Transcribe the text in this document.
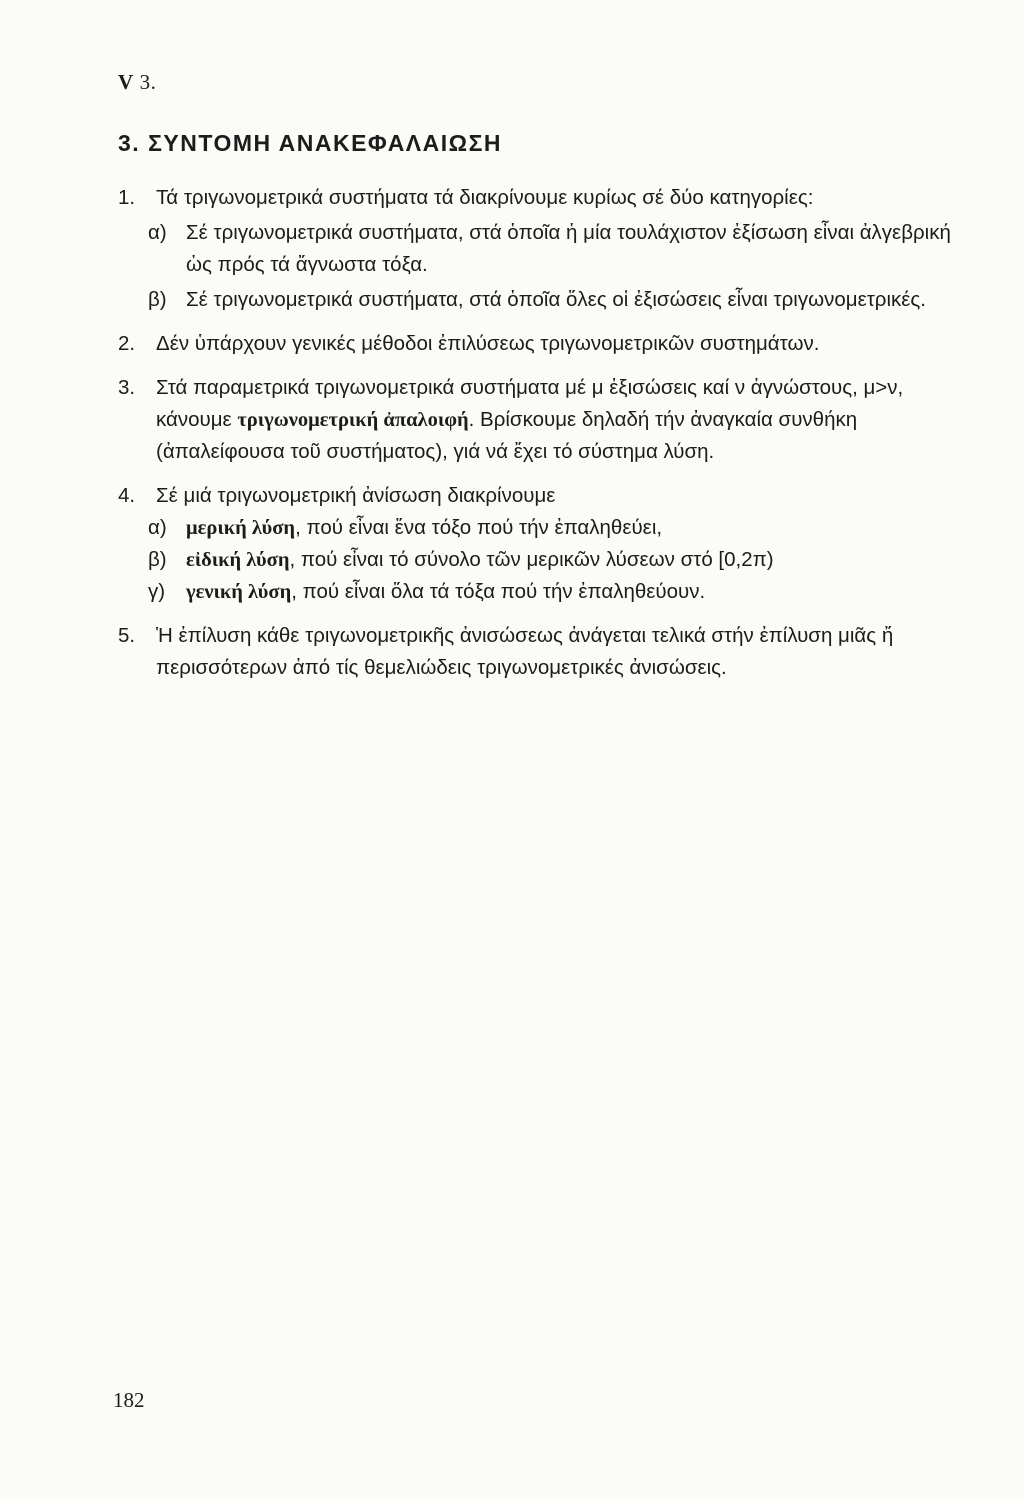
V 3.
3. ΣΥΝΤΟΜΗ ΑΝΑΚΕΦΑΛΑΙΩΣΗ
1.	Τά τριγωνομετρικά συστήματα τά διακρίνουμε κυρίως σέ δύο κατηγορίες:
α) Σέ τριγωνομετρικά συστήματα, στά ὁποῖα ἡ μία τουλάχιστον ἐξίσωση εἶναι ἀλγεβρική ὡς πρός τά ἄγνωστα τόξα.
β) Σέ τριγωνομετρικά συστήματα, στά ὁποῖα ὅλες οἱ ἐξισώσεις εἶναι τριγωνομετρικές.
2.	Δέν ὑπάρχουν γενικές μέθοδοι ἐπιλύσεως τριγωνομετρικῶν συστημάτων.
3.	Στά παραμετρικά τριγωνομετρικά συστήματα μέ μ ἐξισώσεις καί ν ἀγνώστους, μ>ν, κάνουμε τριγωνομετρική ἀπαλοιφή. Βρίσκουμε δηλαδή τήν ἀναγκαία συνθήκη (ἀπαλείφουσα τοῦ συστήματος), γιά νά ἔχει τό σύστημα λύση.
4.	Σέ μιά τριγωνομετρική ἀνίσωση διακρίνουμε
α) μερική λύση, πού εἶναι ἕνα τόξο πού τήν ἐπαληθεύει,
β) εἰδική λύση, πού εἶναι τό σύνολο τῶν μερικῶν λύσεων στό [0,2π)
γ)	γενική λύση, πού εἶναι ὅλα τά τόξα πού τήν ἐπαληθεύουν.
5.	Ἡ ἐπίλυση κάθε τριγωνομετρικῆς ἀνισώσεως ἀνάγεται τελικά στήν ἐπίλυση μιᾶς ἤ περισσότερων ἀπό τίς θεμελιώδεις τριγωνομετρικές ἀνισώσεις.
182
